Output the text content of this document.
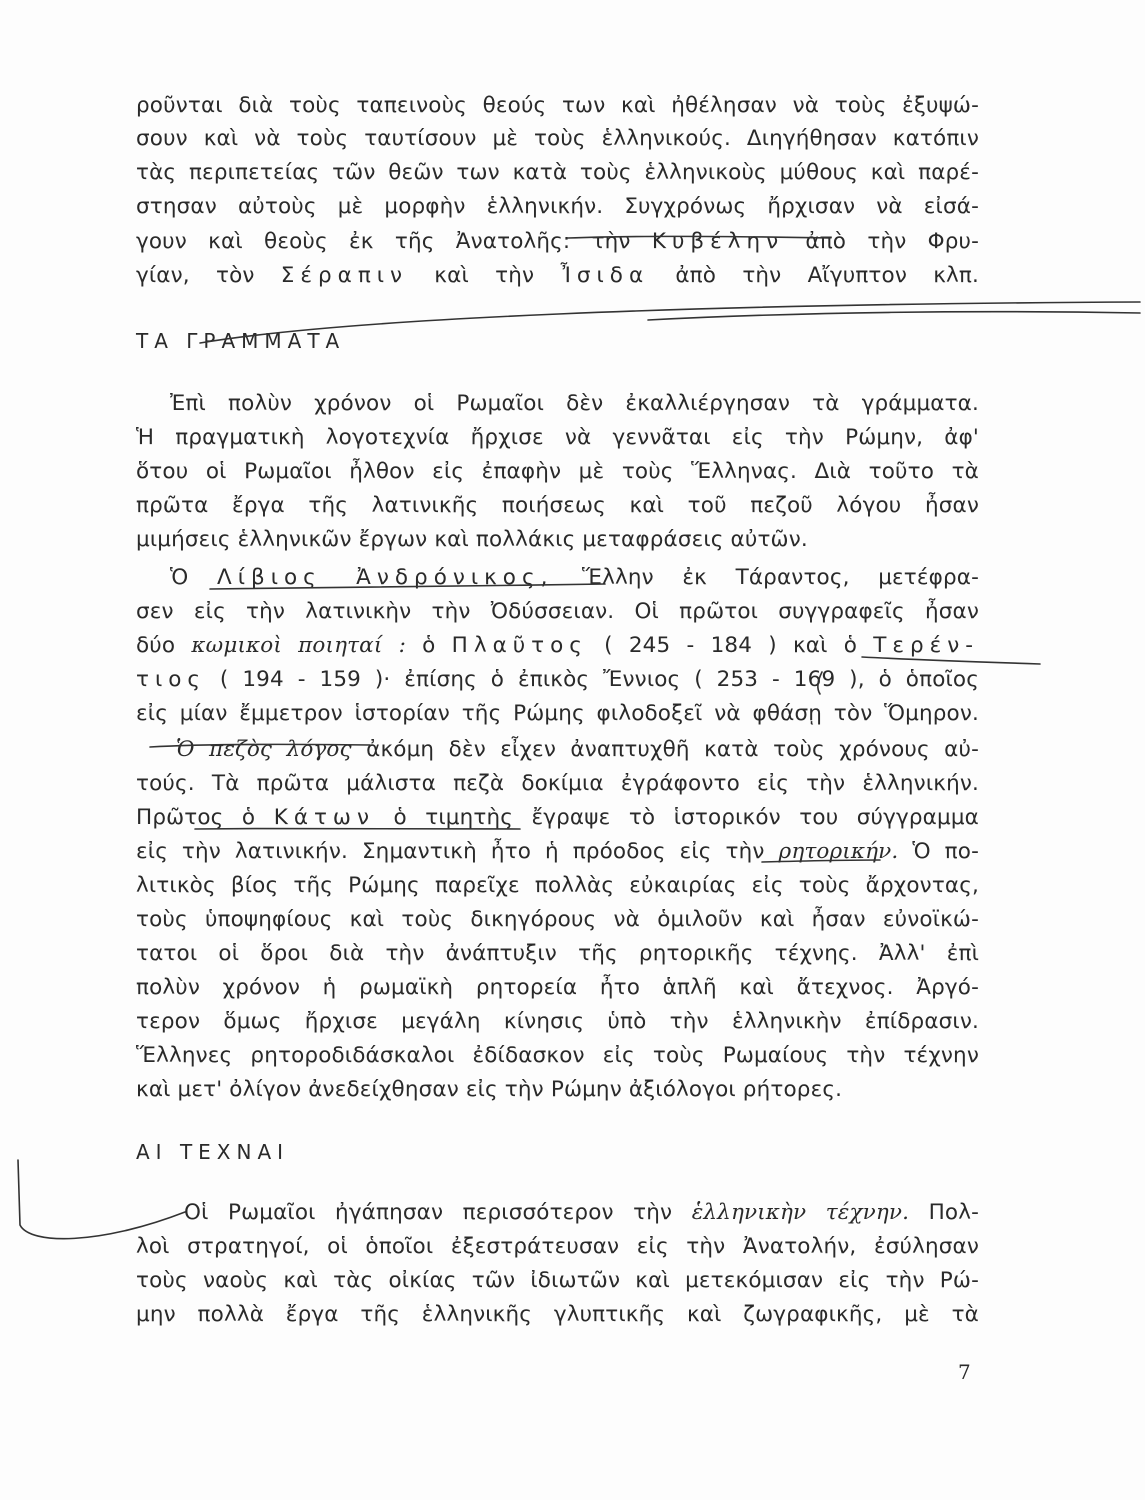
ροῦνται διὰ τοὺς ταπεινοὺς θεούς των καὶ ἠθέλησαν νὰ τοὺς ἐξυψώ-
σουν καὶ νὰ τοὺς ταυτίσουν μὲ τοὺς ἑλληνικούς. Διηγήθησαν κατόπιν
τὰς περιπετείας τῶν θεῶν των κατὰ τοὺς ἑλληνικοὺς μύθους καὶ παρέ-
στησαν αὐτοὺς μὲ μορφὴν ἑλληνικήν. Συγχρόνως ἤρχισαν νὰ εἰσά-
γουν καὶ θεοὺς ἐκ τῆς Ἀνατολῆς: τὴν Κυβέλην ἀπὸ τὴν Φρυ-
γίαν, τὸν Σέραπιν καὶ τὴν Ἶσιδα ἀπὸ τὴν Αἴγυπτον κλπ.
ΤΑ ΓΡΑΜΜΑΤΑ
Ἐπὶ πολὺν χρόνον οἱ Ρωμαῖοι δὲν ἐκαλλιέργησαν τὰ γράμματα.
Ἡ πραγματικὴ λογοτεχνία ἤρχισε νὰ γεννᾶται εἰς τὴν Ρώμην, ἀφ'
ὅτου οἱ Ρωμαῖοι ἦλθον εἰς ἐπαφὴν μὲ τοὺς Ἕλληνας. Διὰ τοῦτο τὰ
πρῶτα ἔργα τῆς λατινικῆς ποιήσεως καὶ τοῦ πεζοῦ λόγου ἦσαν
μιμήσεις ἑλληνικῶν ἔργων καὶ πολλάκις μεταφράσεις αὐτῶν.
Ὁ Λίβιος Ἀνδρόνικος, Ἕλλην ἐκ Τάραντος, μετέφρα-
σεν εἰς τὴν λατινικὴν τὴν Ὀδύσσειαν. Οἱ πρῶτοι συγγραφεῖς ἦσαν
δύο κωμικοὶ ποιηταί : ὁ Πλαῦτος ( 245 - 184 ) καὶ ὁ Τερέν-
τιος ( 194 - 159 )· ἐπίσης ὁ ἐπικὸς Ἔννιος ( 253 - 169 ), ὁ ὁποῖος
εἰς μίαν ἔμμετρον ἱστορίαν τῆς Ρώμης φιλοδοξεῖ νὰ φθάσῃ τὸν Ὅμηρον.
Ὁ πεζὸς λόγος ἀκόμη δὲν εἶχεν ἀναπτυχθῆ κατὰ τοὺς χρόνους αὐ-
τούς. Τὰ πρῶτα μάλιστα πεζὰ δοκίμια ἐγράφοντο εἰς τὴν ἑλληνικήν.
Πρῶτος ὁ Κάτων ὁ τιμητὴς ἔγραψε τὸ ἱστορικόν του σύγγραμμα
εἰς τὴν λατινικήν. Σημαντικὴ ἦτο ἡ πρόοδος εἰς τὴν ρητορικήν. Ὁ πο-
λιτικὸς βίος τῆς Ρώμης παρεῖχε πολλὰς εὐκαιρίας εἰς τοὺς ἄρχοντας,
τοὺς ὑποψηφίους καὶ τοὺς δικηγόρους νὰ ὁμιλοῦν καὶ ἦσαν εὐνοϊκώ-
τατοι οἱ ὅροι διὰ τὴν ἀνάπτυξιν τῆς ρητορικῆς τέχνης. Ἀλλ' ἐπὶ
πολὺν χρόνον ἡ ρωμαϊκὴ ρητορεία ἦτο ἁπλῆ καὶ ἄτεχνος. Ἀργό-
τερον ὅμως ἤρχισε μεγάλη κίνησις ὑπὸ τὴν ἑλληνικὴν ἐπίδρασιν.
Ἕλληνες ρητοροδιδάσκαλοι ἐδίδασκον εἰς τοὺς Ρωμαίους τὴν τέχνην
καὶ μετ' ὀλίγον ἀνεδείχθησαν εἰς τὴν Ρώμην ἀξιόλογοι ρήτορες.
ΑΙ ΤΕΧΝΑΙ
Οἱ Ρωμαῖοι ἠγάπησαν περισσότερον τὴν ἑλληνικὴν τέχνην. Πολ-
λοὶ στρατηγοί, οἱ ὁποῖοι ἐξεστράτευσαν εἰς τὴν Ἀνατολήν, ἐσύλησαν
τοὺς ναοὺς καὶ τὰς οἰκίας τῶν ἰδιωτῶν καὶ μετεκόμισαν εἰς τὴν Ρώ-
μην πολλὰ ἔργα τῆς ἑλληνικῆς γλυπτικῆς καὶ ζωγραφικῆς, μὲ τὰ
7
